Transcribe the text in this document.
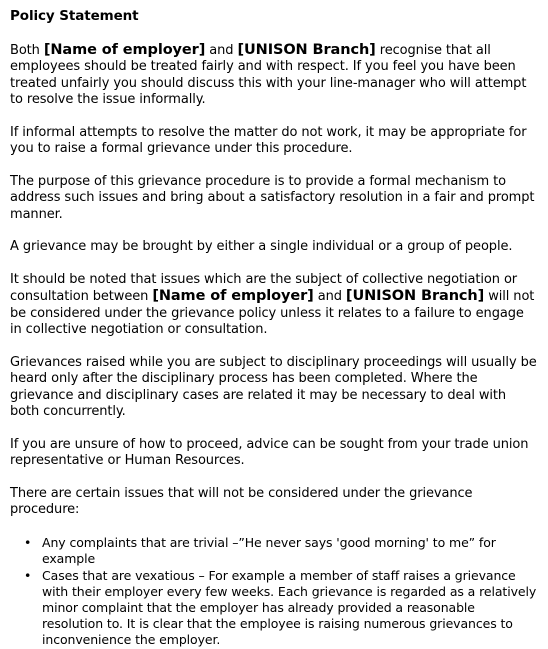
Policy Statement

Both [Name of employer] and [UNISON Branch] recognise that all employees should be treated fairly and with respect. If you feel you have been treated unfairly you should discuss this with your line-manager who will attempt to resolve the issue informally.

If informal attempts to resolve the matter do not work, it may be appropriate for you to raise a formal grievance under this procedure.

The purpose of this grievance procedure is to provide a formal mechanism to address such issues and bring about a satisfactory resolution in a fair and prompt manner.

A grievance may be brought by either a single individual or a group of people.

It should be noted that issues which are the subject of collective negotiation or consultation between [Name of employer] and [UNISON Branch] will not be considered under the grievance policy unless it relates to a failure to engage in collective negotiation or consultation.

Grievances raised while you are subject to disciplinary proceedings will usually be heard only after the disciplinary process has been completed. Where the grievance and disciplinary cases are related it may be necessary to deal with both concurrently.

If you are unsure of how to proceed, advice can be sought from your trade union representative or Human Resources.

There are certain issues that will not be considered under the grievance procedure:

• Any complaints that are trivial –”He never says 'good morning' to me” for example
• Cases that are vexatious – For example a member of staff raises a grievance with their employer every few weeks. Each grievance is regarded as a relatively minor complaint that the employer has already provided a reasonable resolution to. It is clear that the employee is raising numerous grievances to inconvenience the employer.
